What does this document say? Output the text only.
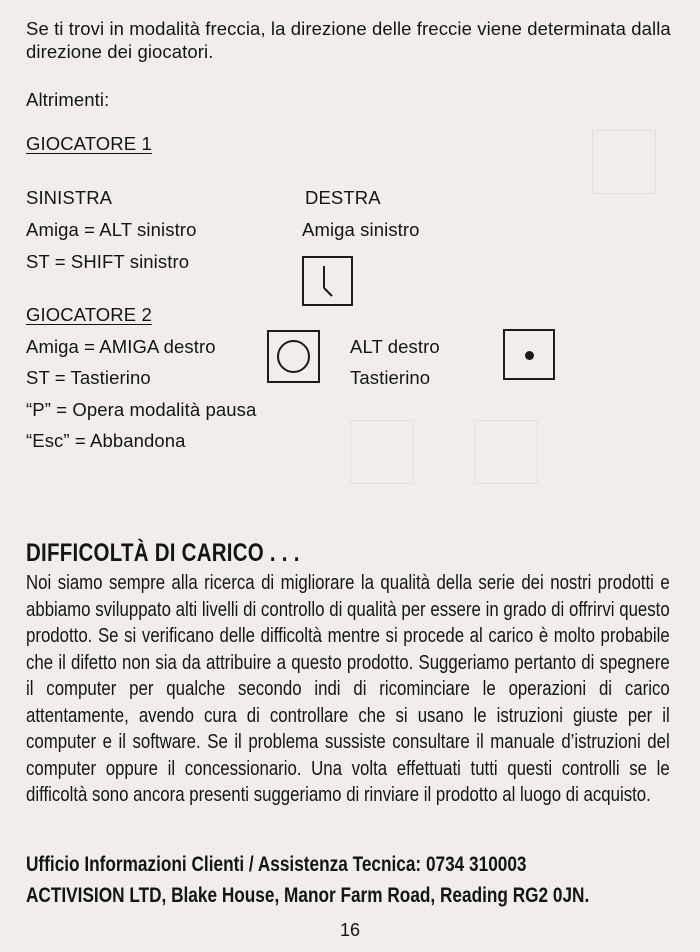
Se ti trovi in modalità freccia, la direzione delle freccie viene determinata dalla
direzione dei giocatori.
Altrimenti:
GIOCATORE 1
SINISTRA
Amiga = ALT sinistro
ST = SHIFT sinistro
DESTRA
Amiga sinistro
GIOCATORE 2
Amiga = AMIGA destro
ST = Tastierino
“P” = Opera modalità pausa
“Esc” = Abbandona
ALT destro
Tastierino
DIFFICOLTÀ DI CARICO . . .
Noi siamo sempre alla ricerca di migliorare la qualità della serie dei nostri prodotti e abbiamo sviluppato alti livelli di controllo di qualità per essere in grado di offrirvi questo prodotto. Se si verificano delle difficoltà mentre si procede al carico è molto probabile che il difetto non sia da attribuire a questo prodotto. Suggeriamo pertanto di spegnere il computer per qualche secondo indi di ricominciare le operazioni di carico attentamente, avendo cura di controllare che si usano le istruzioni giuste per il computer e il software. Se il problema sussiste consultare il manuale d’istruzioni del computer oppure il concessionario. Una volta effettuati tutti questi controlli se le difficoltà sono ancora presenti suggeriamo di rinviare il prodotto al luogo di acquisto.
Ufficio Informazioni Clienti / Assistenza Tecnica: 0734 310003
ACTIVISION LTD, Blake House, Manor Farm Road, Reading RG2 0JN.
16
